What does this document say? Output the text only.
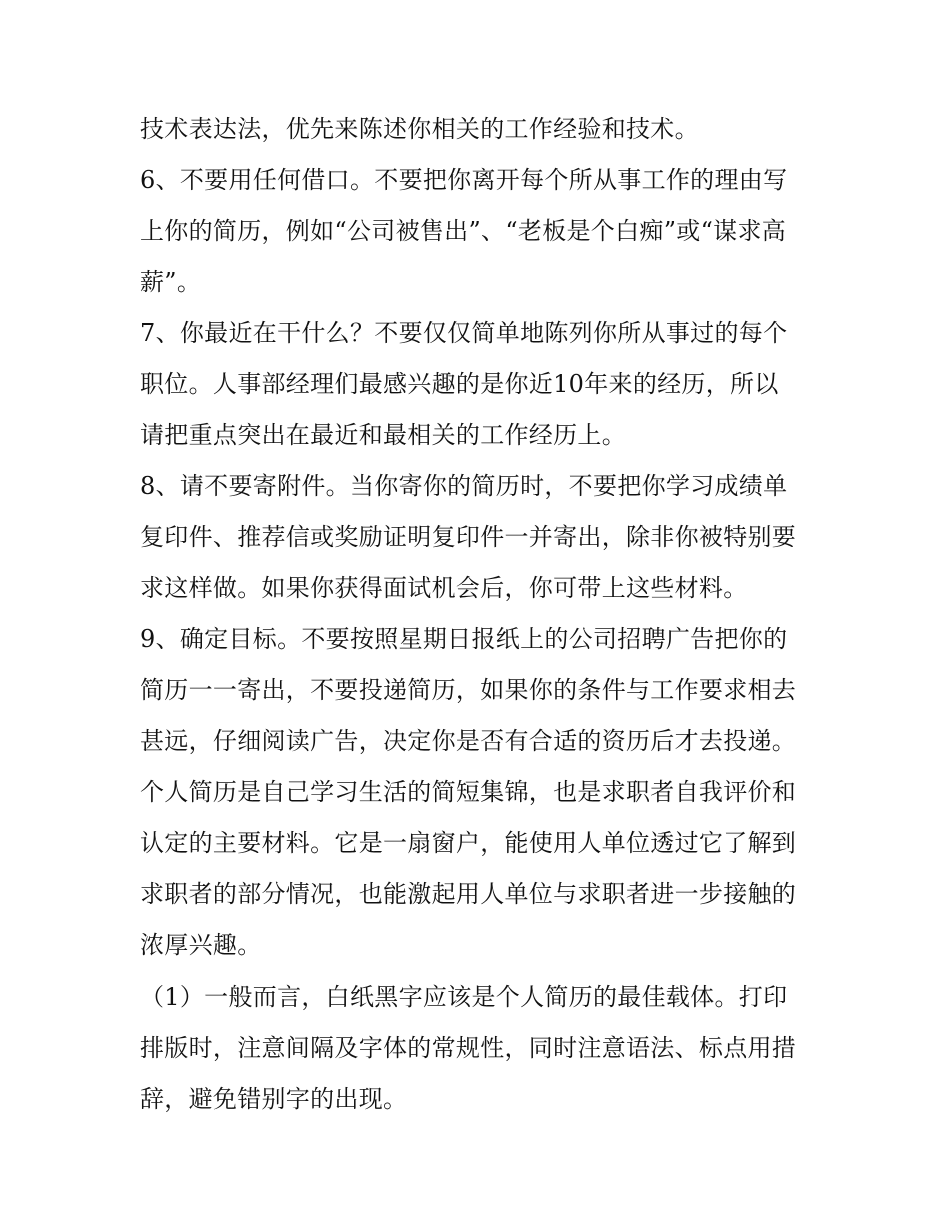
技术表达法，优先来陈述你相关的工作经验和技术。
6、不要用任何借口。不要把你离开每个所从事工作的理由写
上你的简历，例如“公司被售出”、“老板是个白痴”或“谋求高
薪”。
7、你最近在干什么？不要仅仅简单地陈列你所从事过的每个
职位。人事部经理们最感兴趣的是你近10年来的经历，所以
请把重点突出在最近和最相关的工作经历上。
8、请不要寄附件。当你寄你的简历时，不要把你学习成绩单
复印件、推荐信或奖励证明复印件一并寄出，除非你被特别要
求这样做。如果你获得面试机会后，你可带上这些材料。
9、确定目标。不要按照星期日报纸上的公司招聘广告把你的
简历一一寄出，不要投递简历，如果你的条件与工作要求相去
甚远，仔细阅读广告，决定你是否有合适的资历后才去投递。
个人简历是自己学习生活的简短集锦，也是求职者自我评价和
认定的主要材料。它是一扇窗户，能使用人单位透过它了解到
求职者的部分情况，也能激起用人单位与求职者进一步接触的
浓厚兴趣。
（1）一般而言，白纸黑字应该是个人简历的最佳载体。打印
排版时，注意间隔及字体的常规性，同时注意语法、标点用措
辞，避免错别字的出现。
